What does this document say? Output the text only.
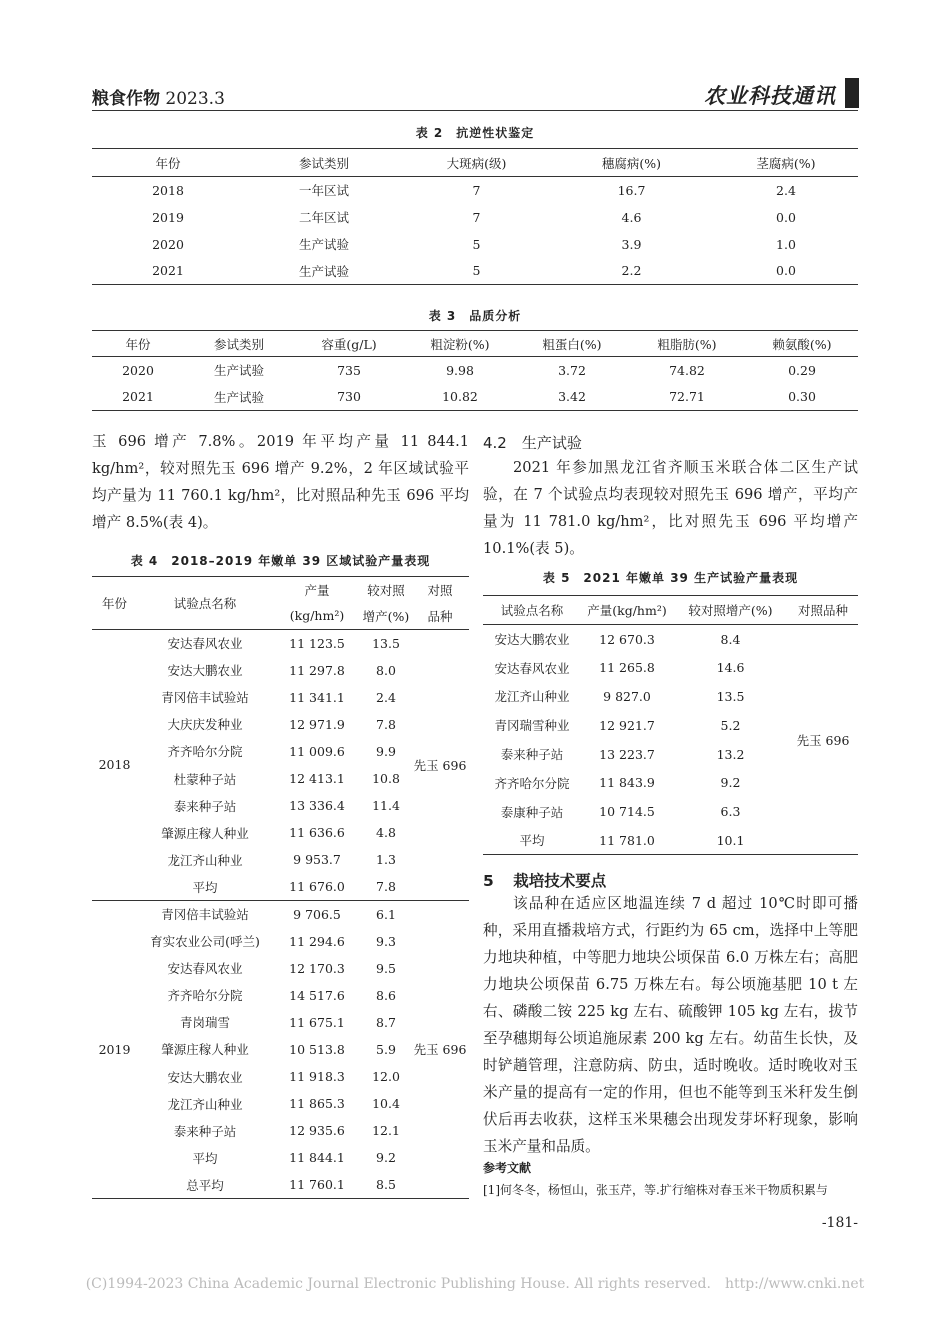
粮食作物 2023.3	农业科技通讯
表 2　抗逆性状鉴定
年份	参试类别	大斑病(级)	穗腐病(%)	茎腐病(%)
2018	一年区试	7	16.7	2.4
2019	二年区试	7	4.6	0.0
2020	生产试验	5	3.9	1.0
2021	生产试验	5	2.2	0.0
表 3　品质分析
年份	参试类别	容重(g/L)	粗淀粉(%)	粗蛋白(%)	粗脂肪(%)	赖氨酸(%)
2020	生产试验	735	9.98	3.72	74.82	0.29
2021	生产试验	730	10.82	3.42	72.71	0.30
玉 696 增产 7.8%。2019 年平均产量 11 844.1 kg/hm²，较对照先玉 696 增产 9.2%，2 年区域试验平均产量为 11 760.1 kg/hm²，比对照品种先玉 696 平均增产 8.5%(表 4)。
表 4　2018–2019 年嫩单 39 区域试验产量表现
年份	试验点名称	产量	较对照	对照
		(kg/hm²)	增产(%)	品种
2018	安达春风农业	11 123.5	13.5	先玉 696
	安达大鹏农业	11 297.8	8.0	
	青冈倍丰试验站	11 341.1	2.4	
	大庆庆发种业	12 971.9	7.8	
	齐齐哈尔分院	11 009.6	9.9	
	杜蒙种子站	12 413.1	10.8	
	泰来种子站	13 336.4	11.4	
	肇源庄稼人种业	11 636.6	4.8	
	龙江齐山种业	9 953.7	1.3	
	平均	11 676.0	7.8	
2019	青冈倍丰试验站	9 706.5	6.1	先玉 696
	育实农业公司(呼兰)	11 294.6	9.3	
	安达春风农业	12 170.3	9.5	
	齐齐哈尔分院	14 517.6	8.6	
	青岗瑞雪	11 675.1	8.7	
	肇源庄稼人种业	10 513.8	5.9	
	安达大鹏农业	11 918.3	12.0	
	龙江齐山种业	11 865.3	10.4	
	泰来种子站	12 935.6	12.1	
	平均	11 844.1	9.2	
	总平均	11 760.1	8.5	
4.2　生产试验
2021 年参加黑龙江省齐顺玉米联合体二区生产试验，在 7 个试验点均表现较对照先玉 696 增产，平均产量为 11 781.0 kg/hm²，比对照先玉 696 平均增产 10.1%(表 5)。
表 5　2021 年嫩单 39 生产试验产量表现
试验点名称	产量(kg/hm²)	较对照增产(%)	对照品种
安达大鹏农业	12 670.3	8.4	先玉 696
安达春风农业	11 265.8	14.6	
龙江齐山种业	9 827.0	13.5	
青冈瑞雪种业	12 921.7	5.2	
泰来种子站	13 223.7	13.2	
齐齐哈尔分院	11 843.9	9.2	
泰康种子站	10 714.5	6.3	
平均	11 781.0	10.1	
5 栽培技术要点
该品种在适应区地温连续 7 d 超过 10℃时即可播种，采用直播栽培方式，行距约为 65 cm，选择中上等肥力地块种植，中等肥力地块公顷保苗 6.0 万株左右；高肥力地块公顷保苗 6.75 万株左右。每公顷施基肥 10 t 左右、磷酸二铵 225 kg 左右、硫酸钾 105 kg 左右，拔节至孕穗期每公顷追施尿素 200 kg 左右。幼苗生长快，及时铲趟管理，注意防病、防虫，适时晚收。适时晚收对玉米产量的提高有一定的作用，但也不能等到玉米秆发生倒伏后再去收获，这样玉米果穗会出现发芽坏籽现象，影响玉米产量和品质。
参考文献
[1]何冬冬，杨恒山，张玉芹，等.扩行缩株对春玉米干物质积累与
-181-
(C)1994-2023 China Academic Journal Electronic Publishing House. All rights reserved.　http://www.cnki.net
